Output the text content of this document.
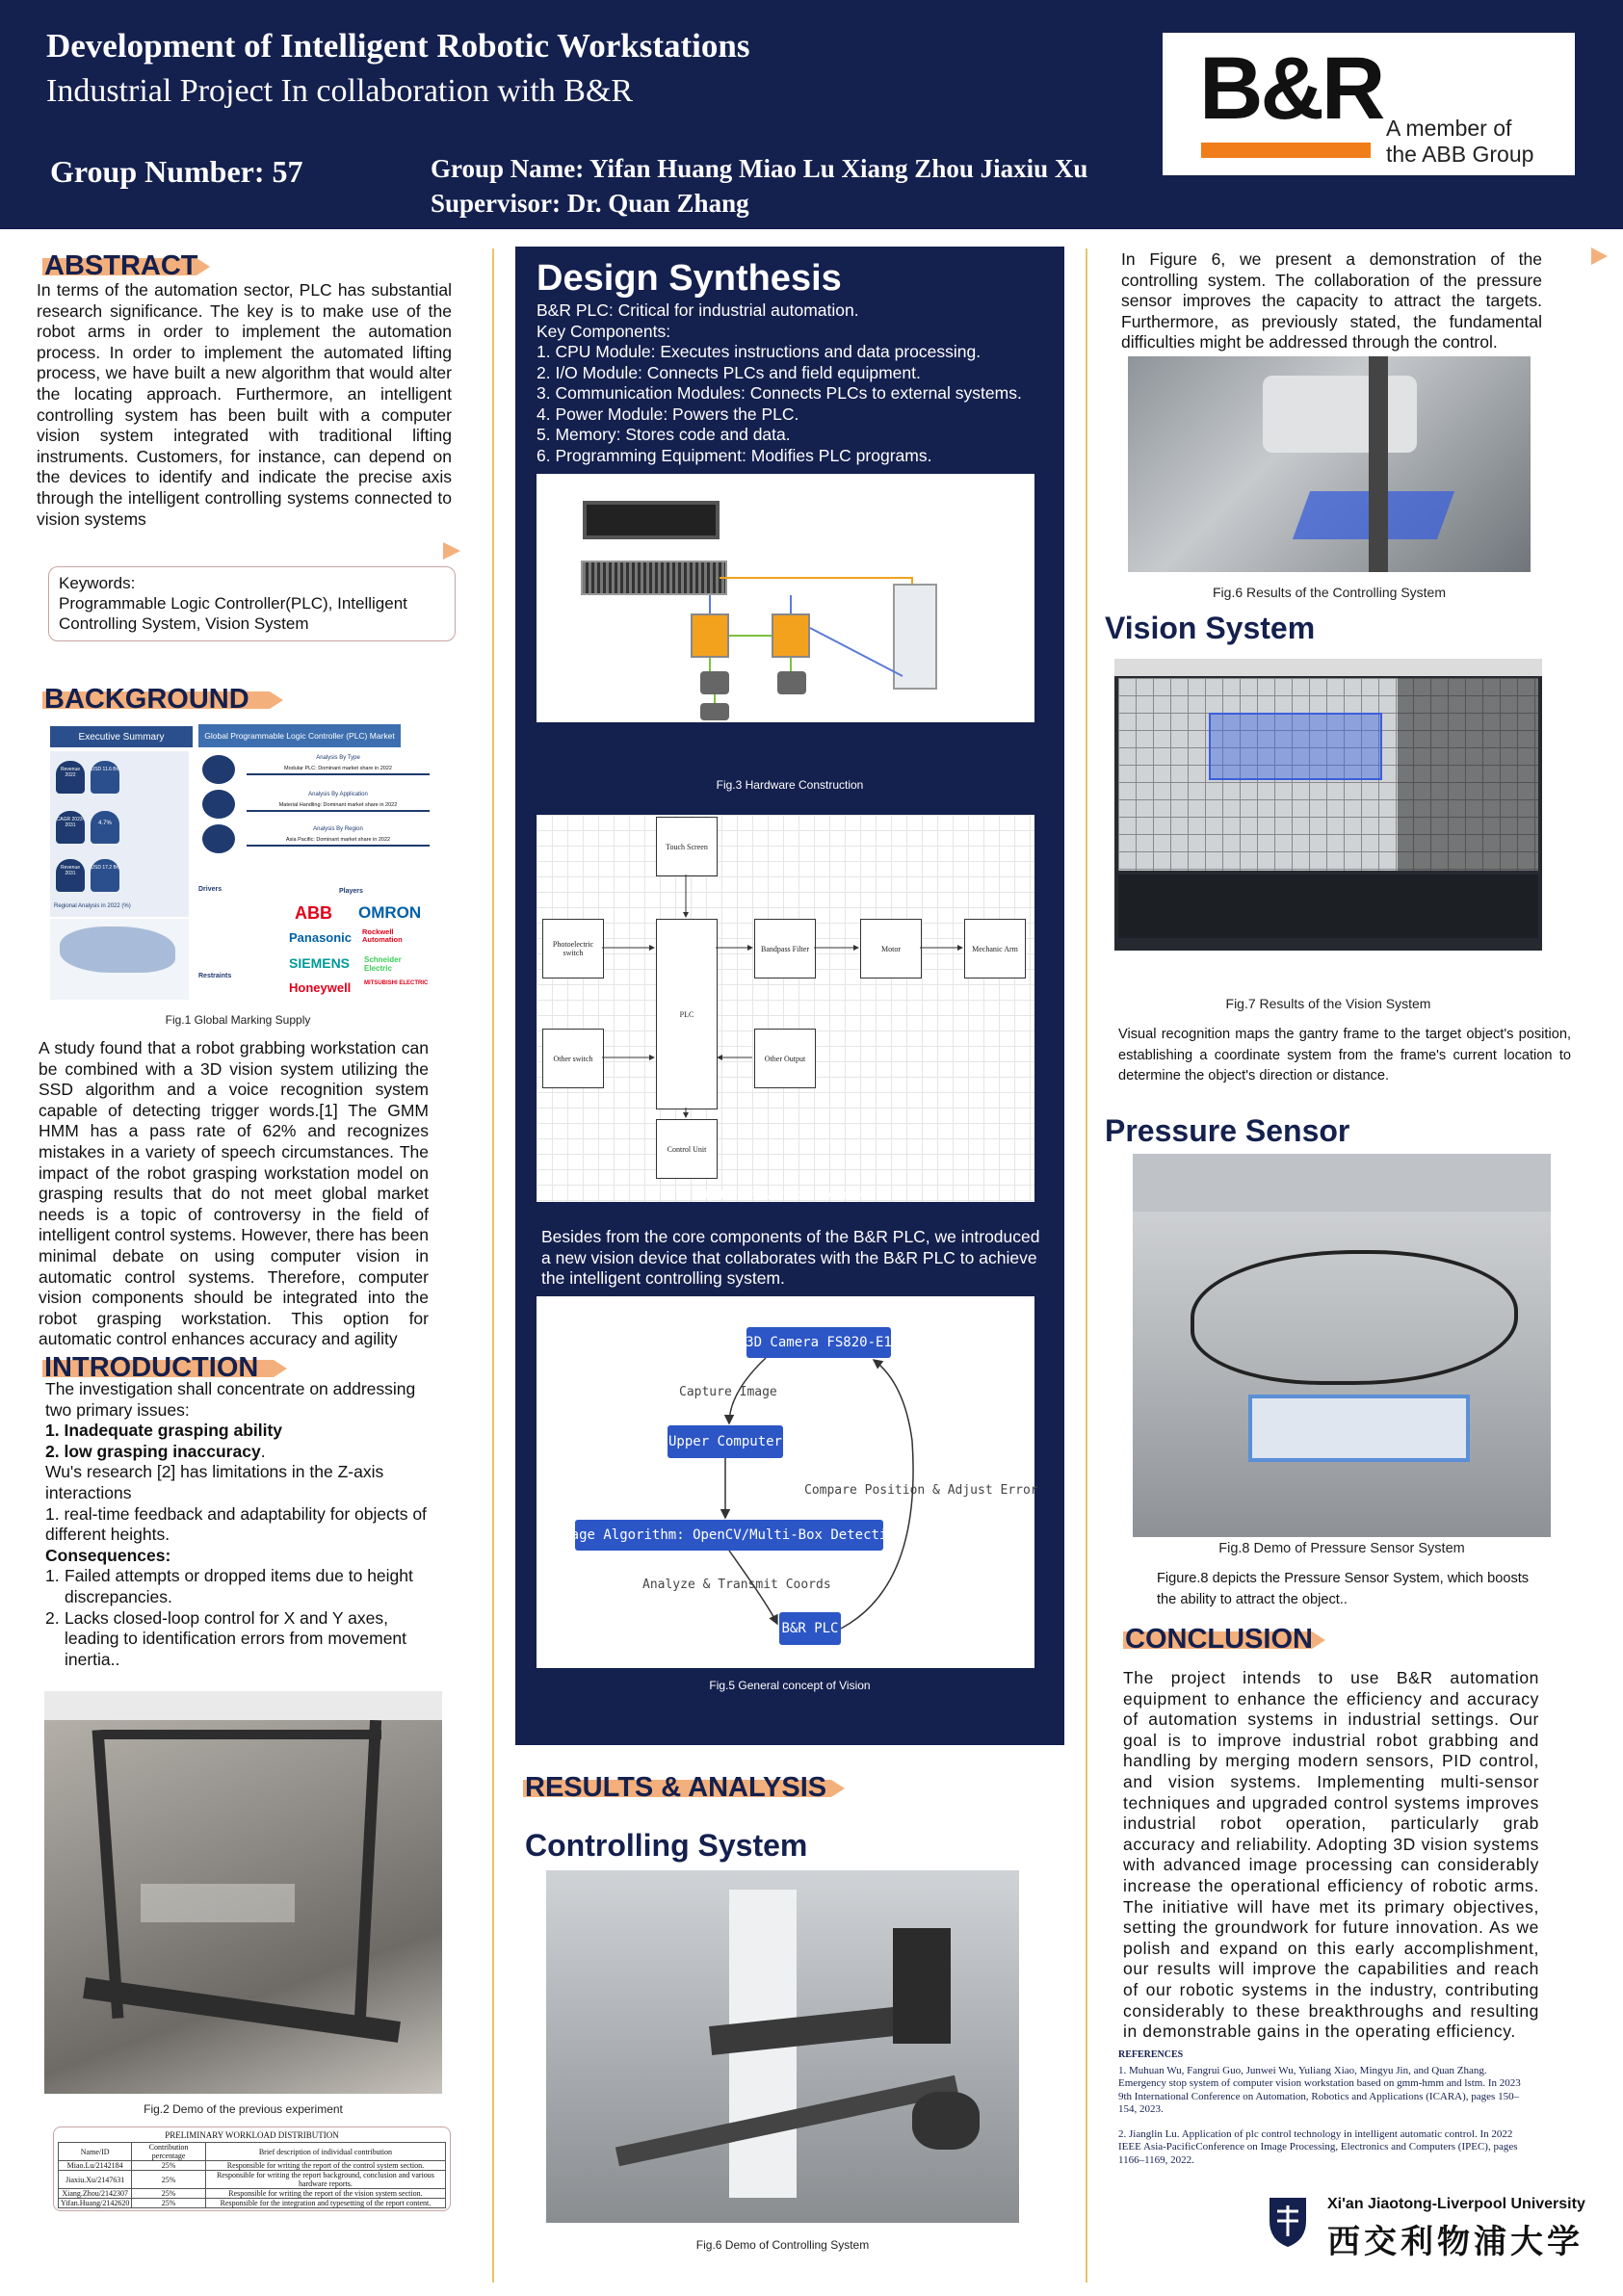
Development of Intelligent Robotic Workstations
Industrial Project In collaboration with B&R
Group Number: 57	Group Name: Yifan Huang Miao Lu Xiang Zhou Jiaxiu Xu
Supervisor: Dr. Quan Zhang
B&R A member of
the ABB Group
ABSTRACT
In terms of the automation sector, PLC has substantial research significance. The key is to make use of the robot arms in order to implement the automation process. In order to implement the automated lifting process, we have built a new algorithm that would alter the locating approach. Furthermore, an intelligent controlling system has been built with a computer vision system integrated with traditional lifting instruments. Customers, for instance, can depend on the devices to identify and indicate the precise axis through the intelligent controlling systems connected to vision systems
Keywords:
Programmable Logic Controller(PLC), Intelligent Controlling System, Vision System
BACKGROUND
Executive Summary	Global Programmable Logic Controller (PLC) Market
Revenue 2022
USD 11.6 Bn
CAGR 2023-2031	4.7%
Revenue 2031
USD 17.2 Bn
Regional Analysis in 2022 (%)
Analysis By Type
Modular PLC: Dominant market share in 2022
Analysis By Application
Material Handling: Dominant market share in 2022
Analysis By Region
Asia Pacific: Dominant market share in 2022
Drivers
Restraints
Players
ABB OMRON
Panasonic Rockwell Automation
SIEMENS Schneider Electric
Honeywell MITSUBISHI ELECTRIC
Fig.1 Global Marking Supply
A study found that a robot grabbing workstation can be combined with a 3D vision system utilizing the SSD algorithm and a voice recognition system capable of detecting trigger words.[1] The GMM HMM has a pass rate of 62% and recognizes mistakes in a variety of speech circumstances. The impact of the robot grasping workstation model on grasping results that do not meet global market needs is a topic of controversy in the field of intelligent control systems. However, there has been minimal debate on using computer vision in automatic control systems. Therefore, computer vision components should be integrated into the robot grasping workstation. This option for automatic control enhances accuracy and agility
INTRODUCTION
The investigation shall concentrate on addressing two primary issues:
1. Inadequate grasping ability
2. low grasping inaccuracy.
Wu's research [2] has limitations in the Z-axis interactions
1. real-time feedback and adaptability for objects of different heights.
Consequences:
1. Failed attempts or dropped items due to height discrepancies.
2. Lacks closed-loop control for X and Y axes, leading to identification errors from movement inertia..
Fig.2 Demo of the previous experiment
PRELIMINARY WORKLOAD DISTRIBUTION
Name/ID	Contribution percentage	Brief description of individual contribution
Miao.Lu/2142184	25%	Responsible for writing the report of the control system section.
Jiaxiu.Xu/2147631	25%	Responsible for writing the report background, conclusion and various hardware reports.
Xiang.Zhou/2142307	25%	Responsible for writing the report of the vision system section.
Yifan.Huang/2142620	25%	Responsible for the integration and typesetting of the report content.
Design Synthesis
B&R PLC: Critical for industrial automation.
Key Components:
1. CPU Module: Executes instructions and data processing.
2. I/O Module: Connects PLCs and field equipment.
3. Communication Modules: Connects PLCs to external systems.
4. Power Module: Powers the PLC.
5. Memory: Stores code and data.
6. Programming Equipment: Modifies PLC programs.
Fig.3 Hardware Construction
Touch Screen
Photoelectric switch
PLC
Bandpass Filter	Motor	Mechanic Arm
Other switch	Other Output
Control Unit
Fig.4 The Flowchart of Components
Besides from the core components of the B&R PLC, we introduced a new vision device that collaborates with the B&R PLC to achieve the intelligent controlling system.
3D Camera FS820-E1
Capture Image
Upper Computer
Compare Position & Adjust Error
Image Algorithm: OpenCV/Multi-Box Detection
Analyze & Transmit Coords
B&R PLC
Fig.5 General concept of Vision
RESULTS & ANALYSIS
Controlling System
Fig.6 Demo of Controlling System
In Figure 6, we present a demonstration of the controlling system. The collaboration of the pressure sensor improves the capacity to attract the targets. Furthermore, as previously stated, the fundamental difficulties might be addressed through the control.
Fig.6 Results of the Controlling System
Vision System
Fig.7 Results of the Vision System
Visual recognition maps the gantry frame to the target object's position, establishing a coordinate system from the frame's current location to determine the object's direction or distance.
Pressure Sensor
Fig.8 Demo of Pressure Sensor System
Figure.8 depicts the Pressure Sensor System, which boosts the ability to attract the object..
CONCLUSION
The project intends to use B&R automation equipment to enhance the efficiency and accuracy of automation systems in industrial settings. Our goal is to improve industrial robot grabbing and handling by merging modern sensors, PID control, and vision systems. Implementing multi-sensor techniques and upgraded control systems improves industrial robot operation, particularly grab accuracy and reliability. Adopting 3D vision systems with advanced image processing can considerably increase the operational efficiency of robotic arms. The initiative will have met its primary objectives, setting the groundwork for future innovation. As we polish and expand on this early accomplishment, our results will improve the capabilities and reach of our robotic systems in the industry, contributing considerably to these breakthroughs and resulting in demonstrable gains in the operating efficiency.
REFERENCES
1. Muhuan Wu, Fangrui Guo, Junwei Wu, Yuliang Xiao, Mingyu Jin, and Quan Zhang. Emergency stop system of computer vision workstation based on gmm-hmm and lstm. In 2023 9th International Conference on Automation, Robotics and Applications (ICARA), pages 150–154, 2023.
2. Jianglin Lu. Application of plc control technology in intelligent automatic control. In 2022 IEEE Asia-PacificConference on Image Processing, Electronics and Computers (IPEC), pages 1166–1169, 2022.
Xi'an Jiaotong-Liverpool University
西交利物浦大学
